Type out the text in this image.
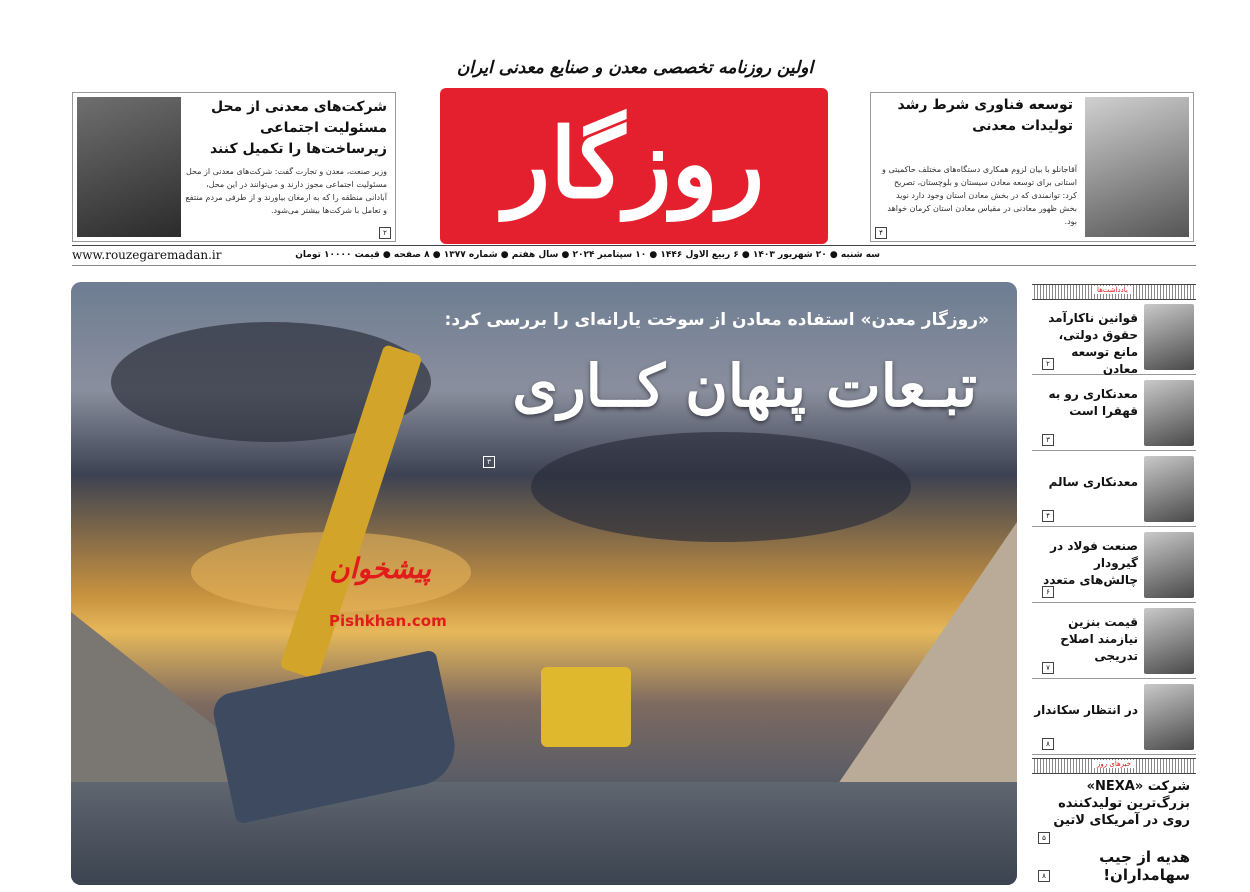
اولین روزنامه تخصصی معدن و صنایع معدنی ایران
روزگار
شرکت‌های معدنی از محل مسئولیت اجتماعی زیرساخت‌ها را تکمیل کنند
وزیر صنعت، معدن و تجارت گفت: شرکت‌های معدنی از محل مسئولیت اجتماعی مجوز دارند و می‌توانند در این محل، آبادانی منطقه را که به ارمغان بیاورند و از طرفی مردم منتفع و تعامل با شرکت‌ها بیشتر می‌شود.
۲
توسعه فناوری شرط رشد تولیدات معدنی
آقاجانلو با بیان لزوم همکاری دستگاه‌های مختلف حاکمیتی و استانی برای توسعه معادن سیستان و بلوچستان، تصریح کرد: توانمندی که در بخش معادن استان وجود دارد نوید بخش ظهور معادنی در مقیاس معادن استان کرمان خواهد بود.
۴
www.rouzegaremadan.ir	سه شنبه ● ۲۰ شهریور ۱۴۰۳ ● ۶ ربیع الاول ۱۴۴۶ ● ۱۰ سپتامبر ۲۰۲۴ ● سال هفتم ● شماره ۱۳۷۷ ● ۸ صفحه ● قیمت ۱۰۰۰۰ تومان
«روزگار معدن» استفاده معادن از سوخت یارانه‌ای را بررسی کرد:
تبـعات پنهان کــاری
۳
پیشخوان
Pishkhan.com
یادداشت‌ها
قوانین ناکارآمد حقوق دولتی، مانع توسعه معادن
۲
معدنکاری رو به قهقرا است
۳
معدنکاری سالم
۴
صنعت فولاد در گیرودار چالش‌های متعدد
۶
قیمت بنزین نیازمند اصلاح تدریجی
۷
در انتظار سکاندار
۸
خبرهای روز
شرکت «NEXA» بزرگ‌ترین تولیدکننده روی در آمریکای لاتین
۵
هدیه از جیب سهامداران!
۸
